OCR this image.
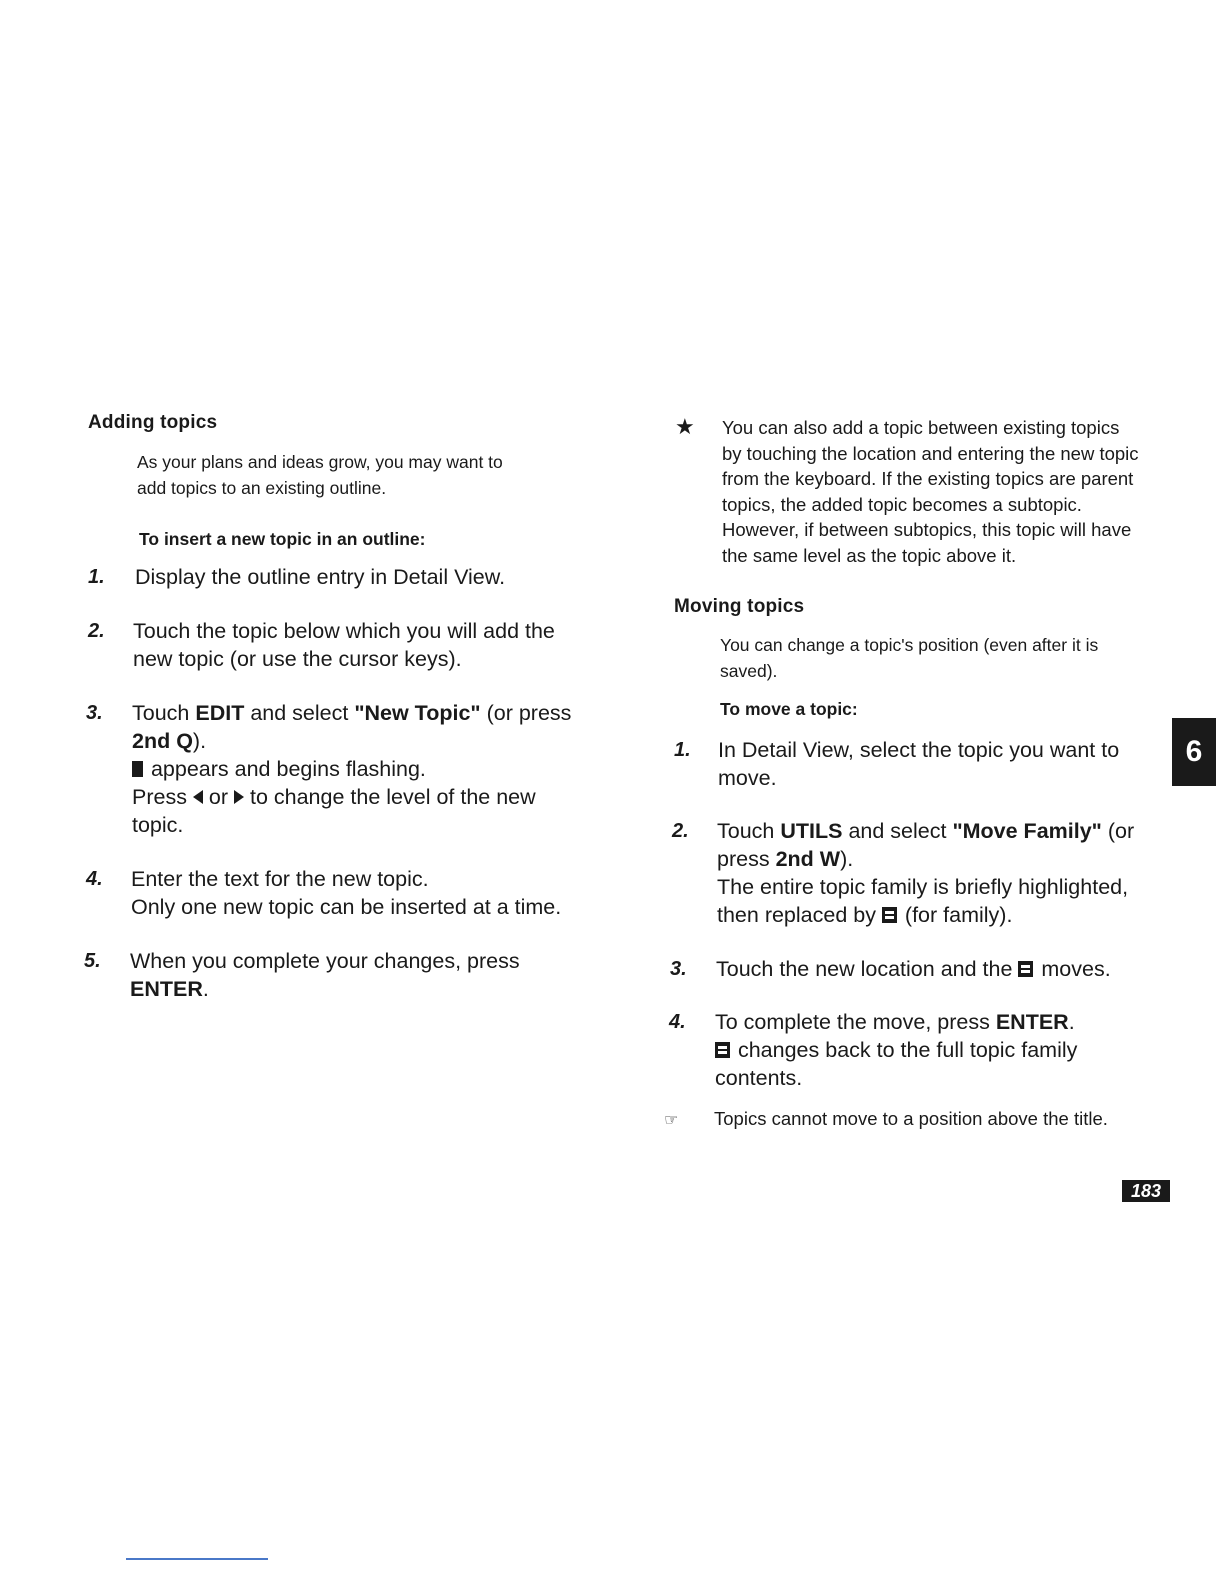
Adding topics
As your plans and ideas grow, you may want to
add topics to an existing outline.
To insert a new topic in an outline:
1. Display the outline entry in Detail View.
2. Touch the topic below which you will add the
new topic (or use the cursor keys).
3. Touch EDIT and select "New Topic" (or press
2nd Q).
appears and begins flashing.
Press  or  to change the level of the new
topic.
4. Enter the text for the new topic.
Only one new topic can be inserted at a time.
5. When you complete your changes, press
ENTER.
★ You can also add a topic between existing topics
by touching the location and entering the new topic
from the keyboard. If the existing topics are parent
topics, the added topic becomes a subtopic.
However, if between subtopics, this topic will have
the same level as the topic above it.
Moving topics
You can change a topic's position (even after it is
saved).
To move a topic:
1. In Detail View, select the topic you want to
move.
2. Touch UTILS and select "Move Family" (or
press 2nd W).
The entire topic family is briefly highlighted,
then replaced by  (for family).
3. Touch the new location and the  moves.
4. To complete the move, press ENTER.
changes back to the full topic family
contents.
☞ Topics cannot move to a position above the title.
6
183
